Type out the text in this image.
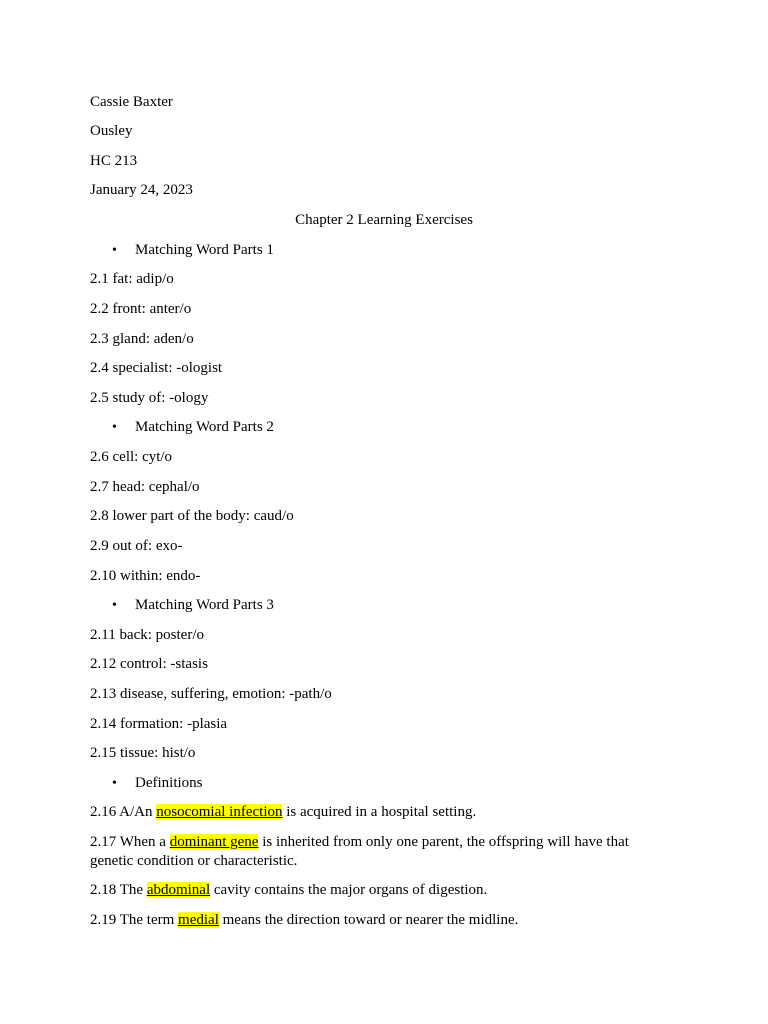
Cassie Baxter
Ousley
HC 213
January 24, 2023
Chapter 2 Learning Exercises
• Matching Word Parts 1
2.1 fat: adip/o
2.2 front: anter/o
2.3 gland: aden/o
2.4 specialist: -ologist
2.5 study of: -ology
• Matching Word Parts 2
2.6 cell: cyt/o
2.7 head: cephal/o
2.8 lower part of the body: caud/o
2.9 out of: exo-
2.10 within: endo-
• Matching Word Parts 3
2.11 back: poster/o
2.12 control: -stasis
2.13 disease, suffering, emotion: -path/o
2.14 formation: -plasia
2.15 tissue: hist/o
• Definitions
2.16 A/An nosocomial infection is acquired in a hospital setting.
2.17 When a dominant gene is inherited from only one parent, the offspring will have that genetic condition or characteristic.
2.18 The abdominal cavity contains the major organs of digestion.
2.19 The term medial means the direction toward or nearer the midline.
